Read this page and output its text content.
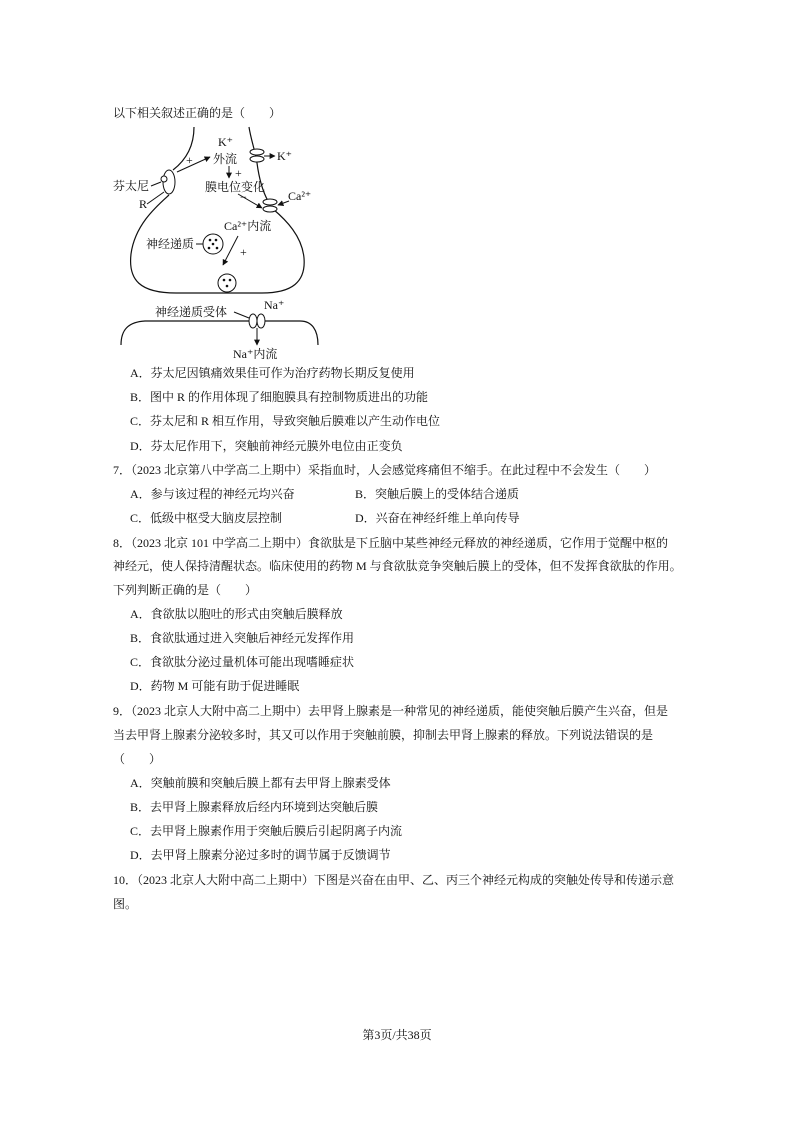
以下相关叙述正确的是（　　）
芬太尼
R
+
K⁺
外流	K⁺
+
膜电位变化
−	Ca²⁺
Ca²⁺内流
+
神经递质
神经递质受体	Na⁺
Na⁺内流
A．芬太尼因镇痛效果佳可作为治疗药物长期反复使用
B．图中 R 的作用体现了细胞膜具有控制物质进出的功能
C．芬太尼和 R 相互作用，导致突触后膜难以产生动作电位
D．芬太尼作用下，突触前神经元膜外电位由正变负
7．（2023 北京第八中学高二上期中）采指血时，人会感觉疼痛但不缩手。在此过程中不会发生（　　）
A．参与该过程的神经元均兴奋	B．突触后膜上的受体结合递质
C．低级中枢受大脑皮层控制	D．兴奋在神经纤维上单向传导
8．（2023 北京 101 中学高二上期中）食欲肽是下丘脑中某些神经元释放的神经递质，它作用于觉醒中枢的
神经元，使人保持清醒状态。临床使用的药物 M 与食欲肽竞争突触后膜上的受体，但不发挥食欲肽的作用。
下列判断正确的是（　　）
A．食欲肽以胞吐的形式由突触后膜释放
B．食欲肽通过进入突触后神经元发挥作用
C．食欲肽分泌过量机体可能出现嗜睡症状
D．药物 M 可能有助于促进睡眠
9．（2023 北京人大附中高二上期中）去甲肾上腺素是一种常见的神经递质，能使突触后膜产生兴奋，但是
当去甲肾上腺素分泌较多时，其又可以作用于突触前膜，抑制去甲肾上腺素的释放。下列说法错误的是
（　　）
A．突触前膜和突触后膜上都有去甲肾上腺素受体
B．去甲肾上腺素释放后经内环境到达突触后膜
C．去甲肾上腺素作用于突触后膜后引起阴离子内流
D．去甲肾上腺素分泌过多时的调节属于反馈调节
10．（2023 北京人大附中高二上期中）下图是兴奋在由甲、乙、丙三个神经元构成的突触处传导和传递示意
图。
第3页/共38页
